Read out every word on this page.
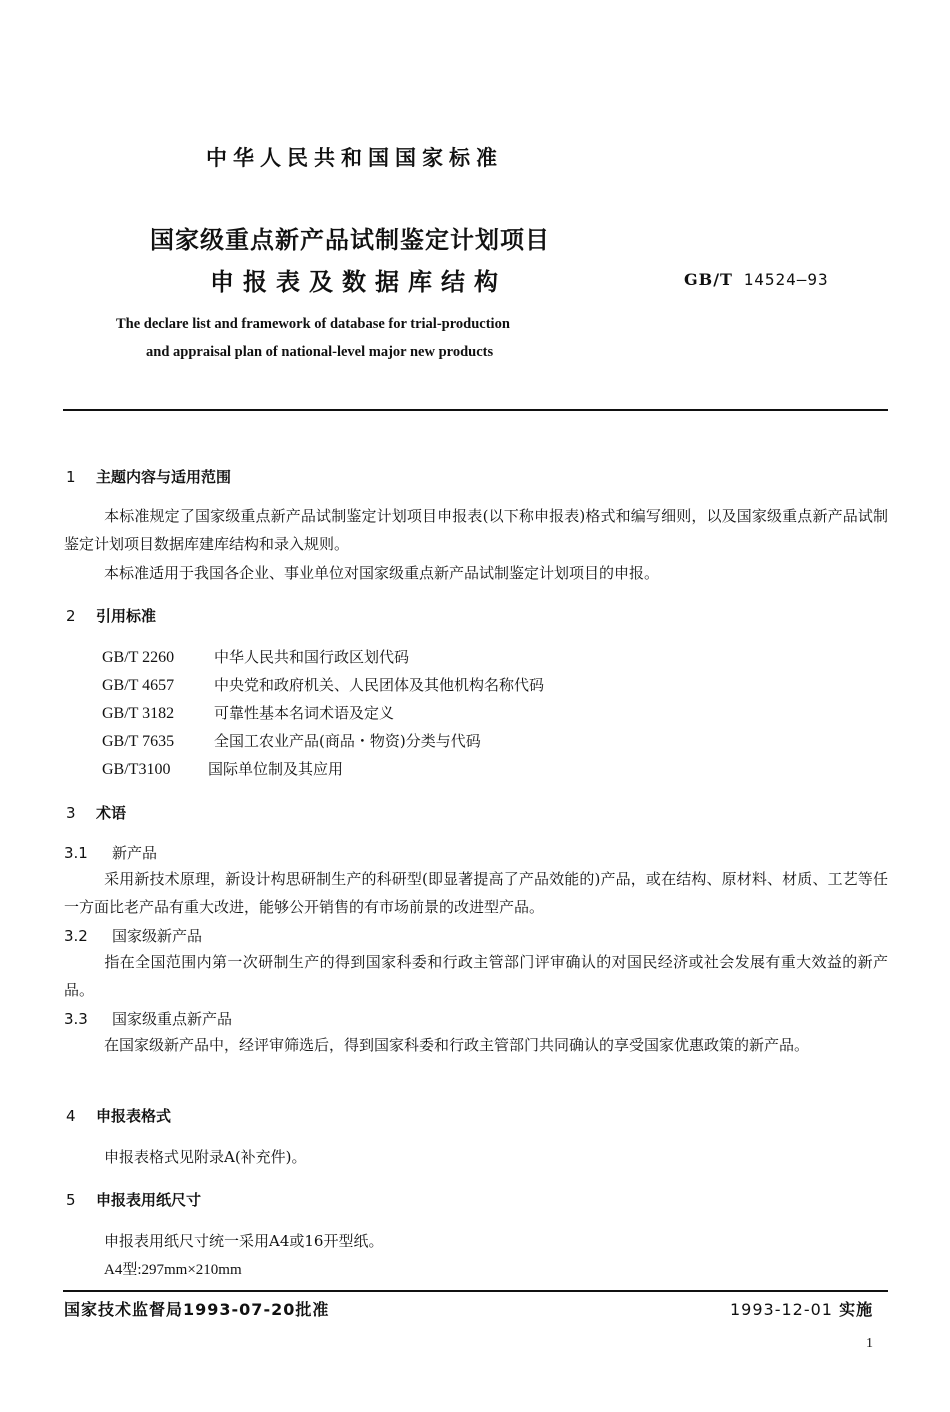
中华人民共和国国家标准
国家级重点新产品试制鉴定计划项目
申报表及数据库结构	GB/T 14524—93
The declare list and framework of database for trial-production
and appraisal plan of national-level major new products
1 主题内容与适用范围
本标准规定了国家级重点新产品试制鉴定计划项目申报表(以下称申报表)格式和编写细则，以及国家级重点新产品试制鉴定计划项目数据库建库结构和录入规则。
本标准适用于我国各企业、事业单位对国家级重点新产品试制鉴定计划项目的申报。
2 引用标准
GB/T 2260	中华人民共和国行政区划代码
GB/T 4657	中央党和政府机关、人民团体及其他机构名称代码
GB/T 3182	可靠性基本名词术语及定义
GB/T 7635	全国工农业产品(商品・物资)分类与代码
GB/T3100	国际单位制及其应用
3 术语
3.1 新产品
采用新技术原理，新设计构思研制生产的科研型(即显著提高了产品效能的)产品，或在结构、原材料、材质、工艺等任一方面比老产品有重大改进，能够公开销售的有市场前景的改进型产品。
3.2 国家级新产品
指在全国范围内第一次研制生产的得到国家科委和行政主管部门评审确认的对国民经济或社会发展有重大效益的新产品。
3.3 国家级重点新产品
在国家级新产品中，经评审筛选后，得到国家科委和行政主管部门共同确认的享受国家优惠政策的新产品。
4 申报表格式
申报表格式见附录A(补充件)。
5 申报表用纸尺寸
申报表用纸尺寸统一采用A4或16开型纸。
A4型:297mm×210mm
国家技术监督局1993-07-20批准	1993-12-01 实施
1
